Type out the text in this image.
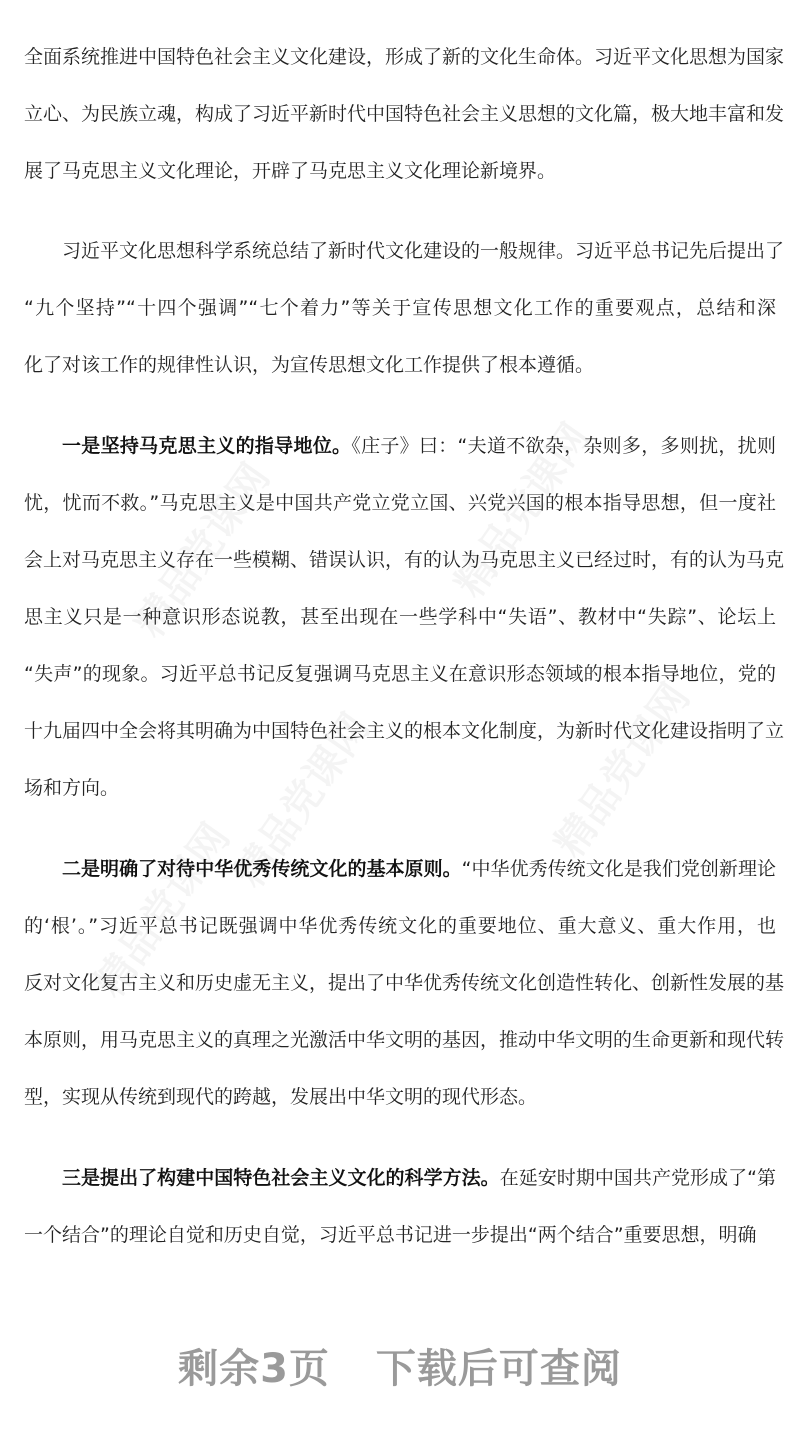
全面系统推进中国特色社会主义文化建设，形成了新的文化生命体。习近平文化思想为国家
立心、为民族立魂，构成了习近平新时代中国特色社会主义思想的文化篇，极大地丰富和发
展了马克思主义文化理论，开辟了马克思主义文化理论新境界。
习近平文化思想科学系统总结了新时代文化建设的一般规律。习近平总书记先后提出了
“九个坚持”“十四个强调”“七个着力”等关于宣传思想文化工作的重要观点，总结和深
化了对该工作的规律性认识，为宣传思想文化工作提供了根本遵循。
一是坚持马克思主义的指导地位。《庄子》曰：“夫道不欲杂，杂则多，多则扰，扰则
忧，忧而不救。”马克思主义是中国共产党立党立国、兴党兴国的根本指导思想，但一度社
会上对马克思主义存在一些模糊、错误认识，有的认为马克思主义已经过时，有的认为马克
思主义只是一种意识形态说教，甚至出现在一些学科中“失语”、教材中“失踪”、论坛上
“失声”的现象。习近平总书记反复强调马克思主义在意识形态领域的根本指导地位，党的
十九届四中全会将其明确为中国特色社会主义的根本文化制度，为新时代文化建设指明了立
场和方向。
二是明确了对待中华优秀传统文化的基本原则。“中华优秀传统文化是我们党创新理论
的‘根’。”习近平总书记既强调中华优秀传统文化的重要地位、重大意义、重大作用，也
反对文化复古主义和历史虚无主义，提出了中华优秀传统文化创造性转化、创新性发展的基
本原则，用马克思主义的真理之光激活中华文明的基因，推动中华文明的生命更新和现代转
型，实现从传统到现代的跨越，发展出中华文明的现代形态。
三是提出了构建中国特色社会主义文化的科学方法。在延安时期中国共产党形成了“第
一个结合”的理论自觉和历史自觉，习近平总书记进一步提出“两个结合”重要思想，明确
剩余3页 下载后可查阅
